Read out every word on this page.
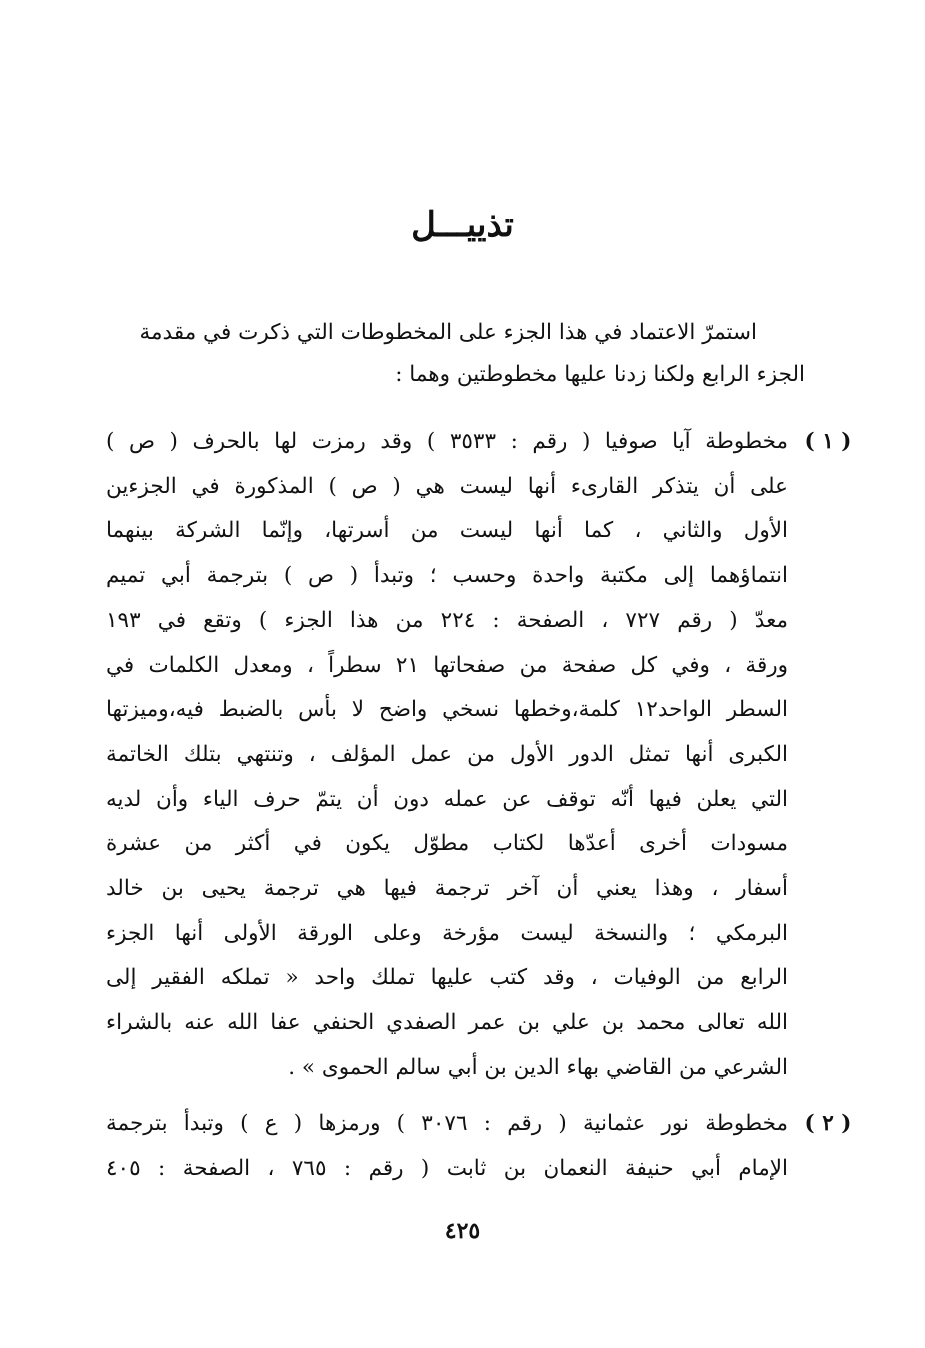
تذييـــل

استمرّ الاعتماد في هذا الجزء على المخطوطات التي ذكرت في مقدمة

الجزء الرابع ولكنا زدنا عليها مخطوطتين وهما :

( ١ )
مخطوطة آيا صوفيا ( رقم : ٣٥٣٣ ) وقد رمزت لها بالحرف ( ص )
على أن يتذكر القارىء أنها ليست هي ( ص ) المذكورة في الجزءين
الأول والثاني ، كما أنها ليست من أسرتها، وإنّما الشركة بينهما
انتماؤهما إلى مكتبة واحدة وحسب ؛ وتبدأ ( ص ) بترجمة أبي تميم
معدّ ( رقم ٧٢٧ ، الصفحة : ٢٢٤ من هذا الجزء ) وتقع في ١٩٣
ورقة ، وفي كل صفحة من صفحاتها ٢١ سطراً ، ومعدل الكلمات في
السطر الواحد١٢ كلمة،وخطها نسخي واضح لا بأس بالضبط فيه،وميزتها
الكبرى أنها تمثل الدور الأول من عمل المؤلف ، وتنتهي بتلك الخاتمة
التي يعلن فيها أنّه توقف عن عمله دون أن يتمّ حرف الياء وأن لديه
مسودات أخرى أعدّها لكتاب مطوّل يكون في أكثر من عشرة
أسفار ، وهذا يعني أن آخر ترجمة فيها هي ترجمة يحيى بن خالد
البرمكي ؛ والنسخة ليست مؤرخة وعلى الورقة الأولى أنها الجزء
الرابع من الوفيات ، وقد كتب عليها تملك واحد « تملكه الفقير إلى
الله تعالى محمد بن علي بن عمر الصفدي الحنفي عفا الله عنه بالشراء
الشرعي من القاضي بهاء الدين بن أبي سالم الحموى » .
( ٢ )
مخطوطة نور عثمانية ( رقم : ٣٠٧٦ ) ورمزها ( ع ) وتبدأ بترجمة
الإمام أبي حنيفة النعمان بن ثابت ( رقم : ٧٦٥ ، الصفحة : ٤٠٥
٤٢٥
